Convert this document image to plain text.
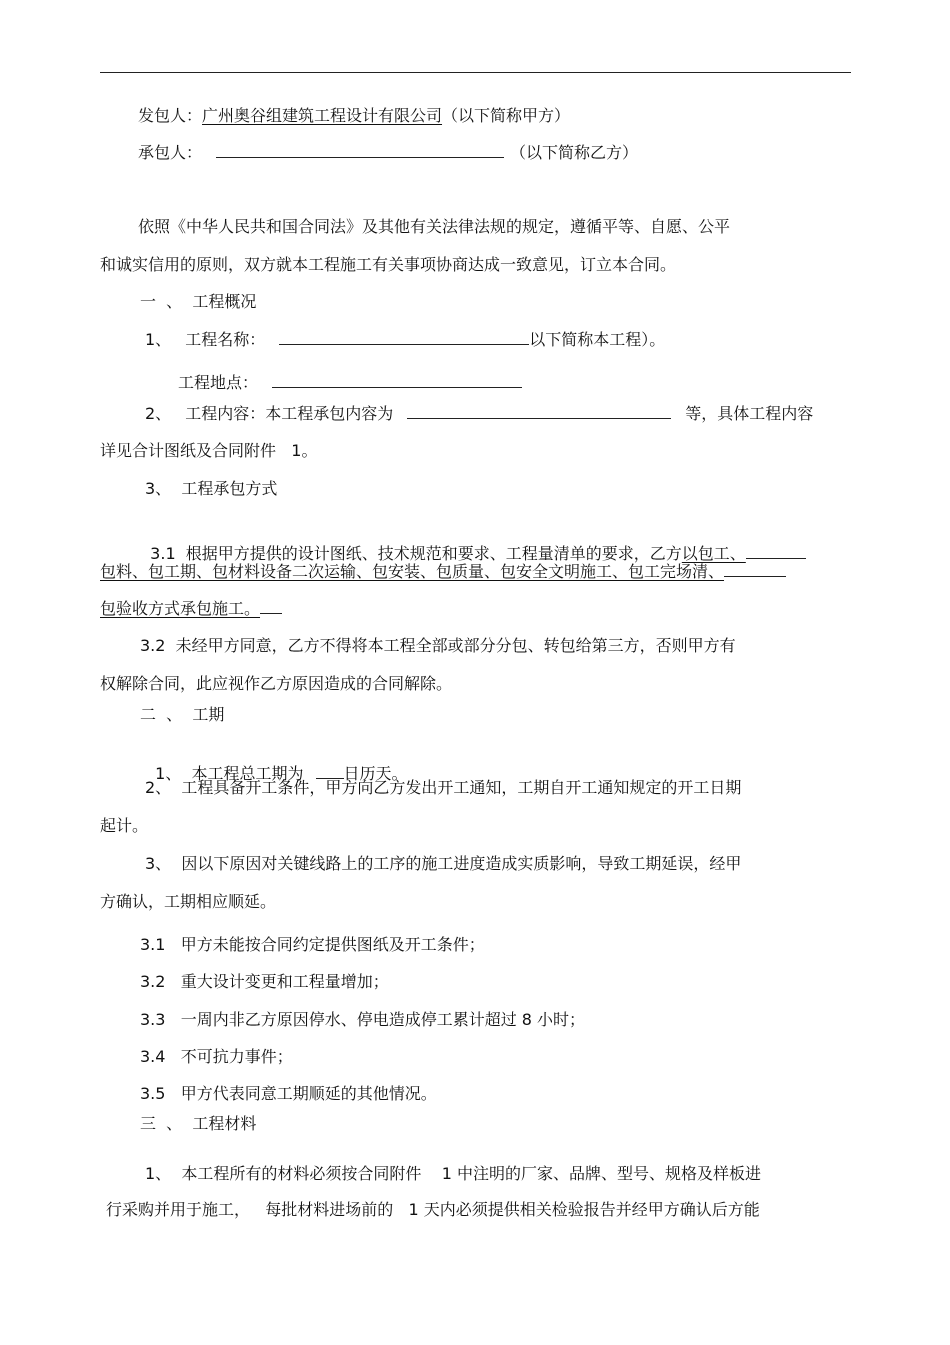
发包人：广州奥谷组建筑工程设计有限公司（以下简称甲方）
承包人：	（以下简称乙方）
依照《中华人民共和国合同法》及其他有关法律法规的规定，遵循平等、自愿、公平
和诚实信用的原则，双方就本工程施工有关事项协商达成一致意见，订立本合同。
一  、  工程概况
1、 工程名称：	以下简称本工程）。
工程地点：
2、 工程内容：本工程承包内容为	等，具体工程内容
详见合计图纸及合同附件   1。
3、  工程承包方式

3.1  根据甲方提供的设计图纸、技术规范和要求、工程量清单的要求，乙方以包工、

包料、包工期、包材料设备二次运输、包安装、包质量、包安全文明施工、包工完场清、
包验收方式承包施工。
3.2  未经甲方同意，乙方不得将本工程全部或部分分包、转包给第三方，否则甲方有
权解除合同，此应视作乙方原因造成的合同解除。
二  、  工期

1、  本工程总工期为	日历天。

2、  工程具备开工条件，甲方向乙方发出开工通知，工期自开工通知规定的开工日期
起计。
3、  因以下原因对关键线路上的工序的施工进度造成实质影响，导致工期延误，经甲
方确认，工期相应顺延。
3.1   甲方未能按合同约定提供图纸及开工条件；
3.2   重大设计变更和工程量增加；
3.3   一周内非乙方原因停水、停电造成停工累计超过 8 小时；
3.4   不可抗力事件；
3.5   甲方代表同意工期顺延的其他情况。
三  、  工程材料
1、  本工程所有的材料必须按合同附件    1 中注明的厂家、品牌、型号、规格及样板进
行采购并用于施工，   每批材料进场前的   1 天内必须提供相关检验报告并经甲方确认后方能
